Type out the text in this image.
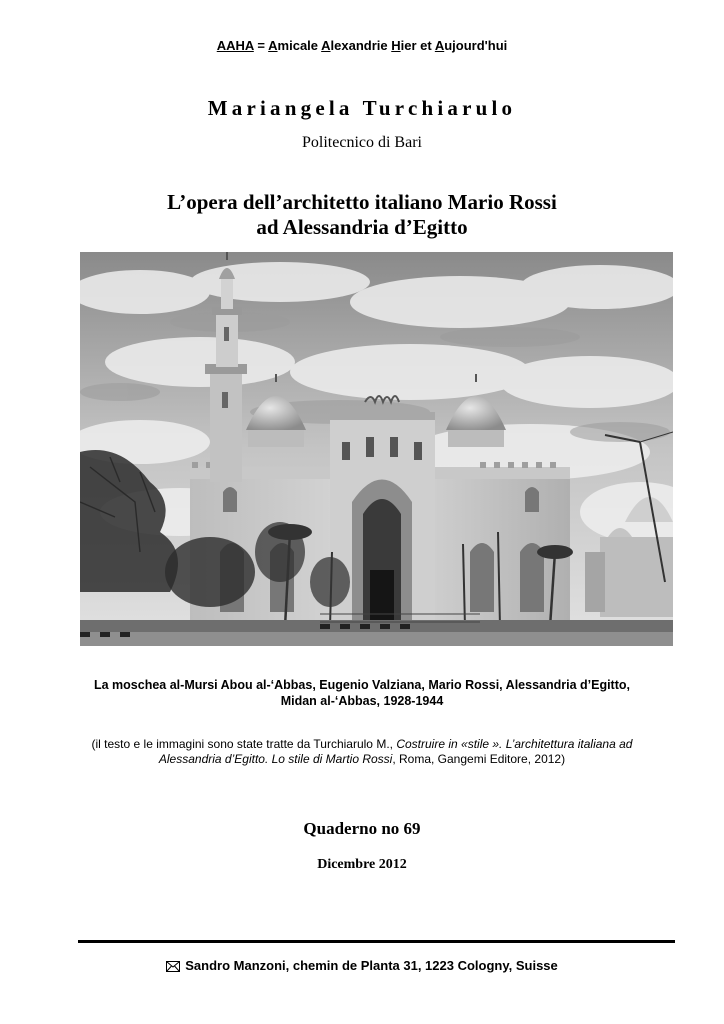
AAHA = Amicale Alexandrie Hier et Aujourd'hui
Mariangela Turchiarulo
Politecnico di Bari
L’opera dell’architetto italiano Mario Rossi
ad Alessandria d’Egitto
La moschea al-Mursi Abou al-‘Abbas, Eugenio Valziana, Mario Rossi, Alessandria d’Egitto,
Midan al-‘Abbas, 1928-1944
(il testo e le immagini sono state tratte da Turchiarulo M., Costruire in «stile ». L’architettura italiana ad
Alessandria d’Egitto. Lo stile di Martio Rossi, Roma, Gangemi Editore, 2012)
Quaderno no 69
Dicembre 2012
Sandro Manzoni, chemin de Planta 31, 1223 Cologny, Suisse
